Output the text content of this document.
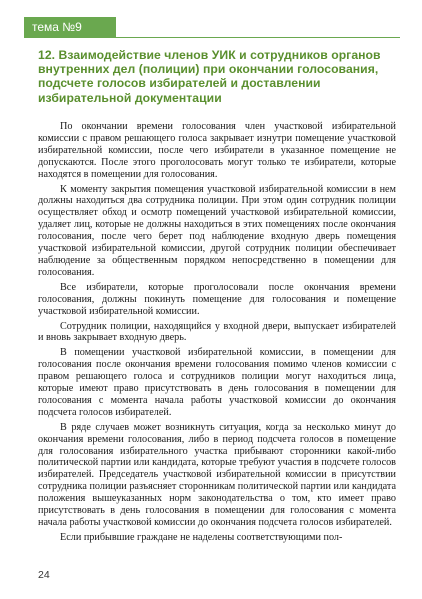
тема №9
12. Взаимодействие членов УИК и сотрудников органов внутренних дел (полиции) при окончании голосования, подсчете голосов избирателей и доставлении избирательной документации

По окончании времени голосования член участковой избирательной комиссии с правом решающего голоса закрывает изнутри помещение участковой избирательной комиссии, после чего избиратели в указанное помещение не допускаются. После этого проголосовать могут только те избиратели, которые находятся в помещении для голосования.

К моменту закрытия помещения участковой избирательной комиссии в нем должны находиться два сотрудника полиции. При этом один сотрудник полиции осуществляет обход и осмотр помещений участковой избирательной комиссии, удаляет лиц, которые не должны находиться в этих помещениях после окончания голосования, после чего берет под наблюдение входную дверь помещения участковой избирательной комиссии, другой сотрудник полиции обеспечивает наблюдение за общественным порядком непосредственно в помещении для голосования.

Все избиратели, которые проголосовали после окончания времени голосования, должны покинуть помещение для голосования и помещение участковой избирательной комиссии.

Сотрудник полиции, находящийся у входной двери, выпускает избирателей и вновь закрывает входную дверь.

В помещении участковой избирательной комиссии, в помещении для голосования после окончания времени голосования помимо членов комиссии с правом решающего голоса и сотрудников полиции могут находиться лица, которые имеют право присутствовать в день голосования в помещении для голосования с момента начала работы участковой комиссии до окончания подсчета голосов избирателей.

В ряде случаев может возникнуть ситуация, когда за несколько минут до окончания времени голосования, либо в период подсчета голосов в помещение для голосования избирательного участка прибывают сторонники какой-либо политической партии или кандидата, которые требуют участия в подсчете голосов избирателей. Председатель участковой избирательной комиссии в присутствии сотрудника полиции разъясняет сторонникам политической партии или кандидата положения вышеуказанных норм законодательства о том, кто имеет право присутствовать в день голосования в помещении для голосования с момента начала работы участковой комиссии до окончания подсчета голосов избирателей.

Если прибывшие граждане не наделены соответствующими пол-

24
